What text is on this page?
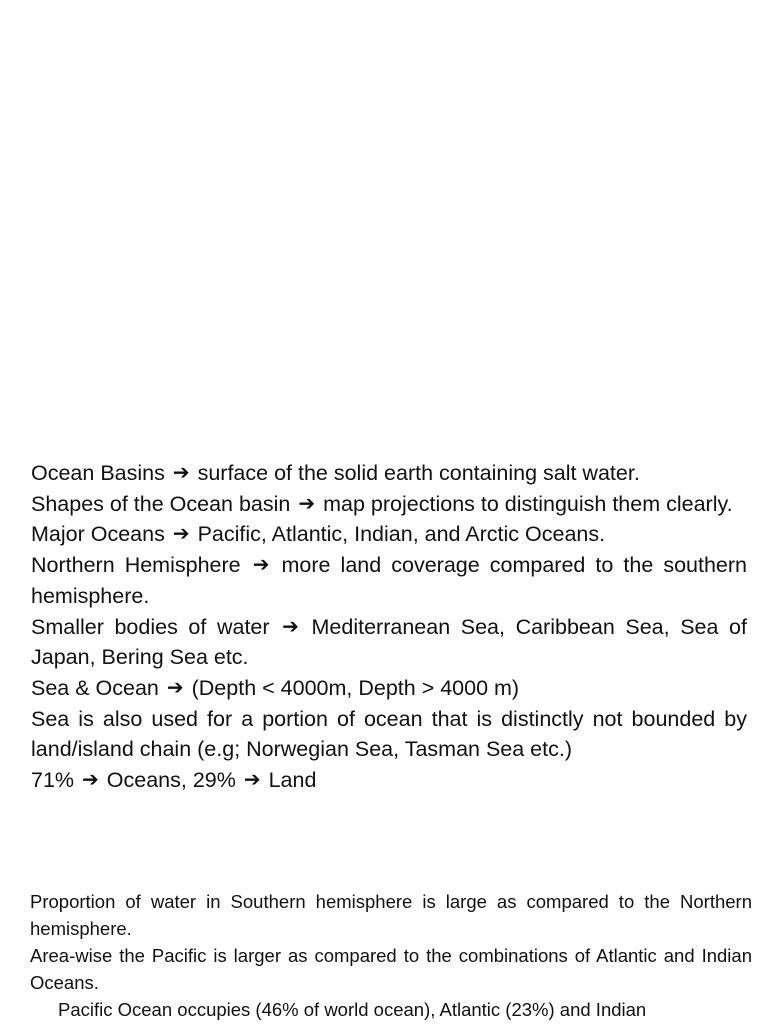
Ocean Basins ➔ surface of the solid earth containing salt water.

Shapes of the Ocean basin ➔ map projections to distinguish them clearly.

Major Oceans ➔ Pacific, Atlantic, Indian, and Arctic Oceans.

Northern Hemisphere ➔ more land coverage compared to the southern hemisphere.

Smaller bodies of water ➔ Mediterranean Sea, Caribbean Sea, Sea of Japan, Bering Sea etc.

Sea & Ocean ➔ (Depth < 4000m, Depth > 4000 m)

Sea is also used for a portion of ocean that is distinctly not bounded by land/island chain (e.g; Norwegian Sea, Tasman Sea etc.)

71% ➔ Oceans, 29% ➔ Land

Proportion of water in Southern hemisphere is large as compared to the Northern hemisphere.

Area-wise the Pacific is larger as compared to the combinations of Atlantic and Indian Oceans.

Pacific Ocean occupies (46% of world ocean), Atlantic (23%) and Indian
